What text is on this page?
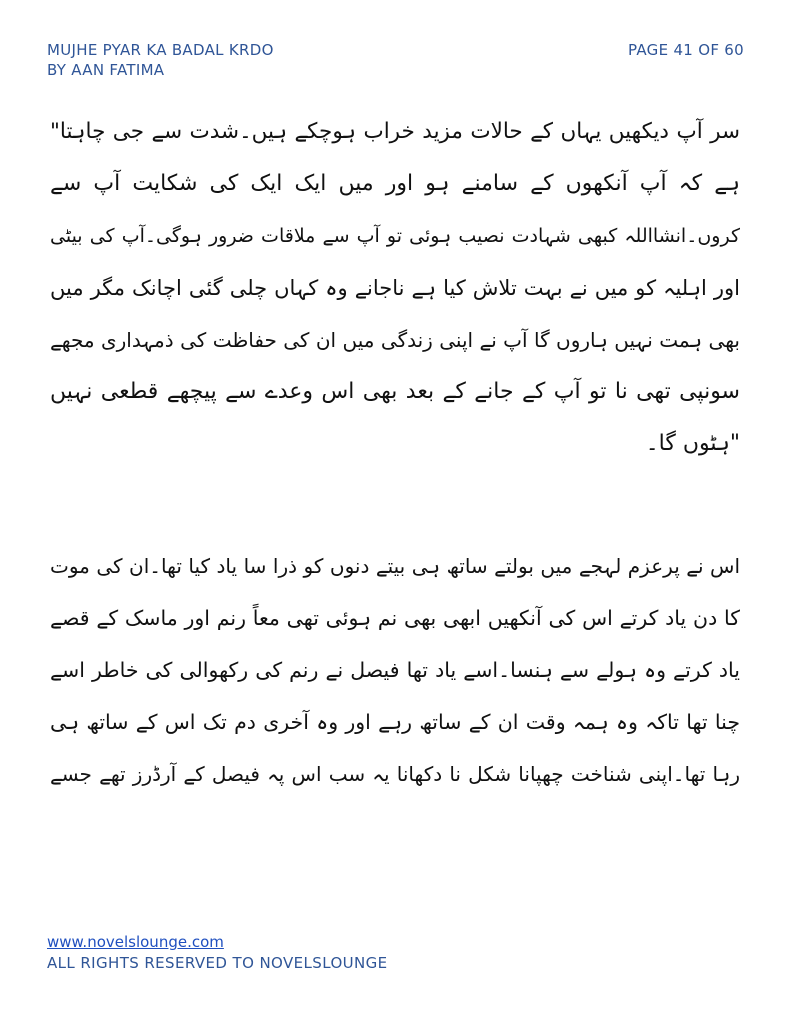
MUJHE PYAR KA BADAL KRDO
BY AAN FATIMA
PAGE 41 OF 60
سر آپ دیکھیں یہاں کے حالات مزید خراب ہوچکے ہیں۔شدت سے جی چاہتا"
ہے کہ آپ آنکھوں کے سامنے ہو اور میں ایک ایک کی شکایت آپ سے
کروں۔انشااللہ کبھی شہادت نصیب ہوئی تو آپ سے ملاقات ضرور ہوگی۔آپ کی بیٹی
اور اہلیہ کو میں نے بہت تلاش کیا ہے ناجانے وہ کہاں چلی گئی اچانک مگر میں
بھی ہمت نہیں ہاروں گا آپ نے اپنی زندگی میں ان کی حفاظت کی ذمہداری مجھے
سونپی تھی نا تو آپ کے جانے کے بعد بھی اس وعدے سے پیچھے قطعی نہیں
"ہٹوں گا۔
اس نے پرعزم لہجے میں بولتے ساتھ ہی بیتے دنوں کو ذرا سا یاد کیا تھا۔ان کی موت
کا دن یاد کرتے اس کی آنکھیں ابھی بھی نم ہوئی تھی معاً رنم اور ماسک کے قصے
یاد کرتے وہ ہولے سے ہنسا۔اسے یاد تھا فیصل نے رنم کی رکھوالی کی خاطر اسے
چنا تھا تاکہ وہ ہمہ وقت ان کے ساتھ رہے اور وہ آخری دم تک اس کے ساتھ ہی
رہا تھا۔اپنی شناخت چھپانا شکل نا دکھانا یہ سب اس پہ فیصل کے آرڈرز تھے جسے
www.novelslounge.com
ALL RIGHTS RESERVED TO NOVELSLOUNGE
